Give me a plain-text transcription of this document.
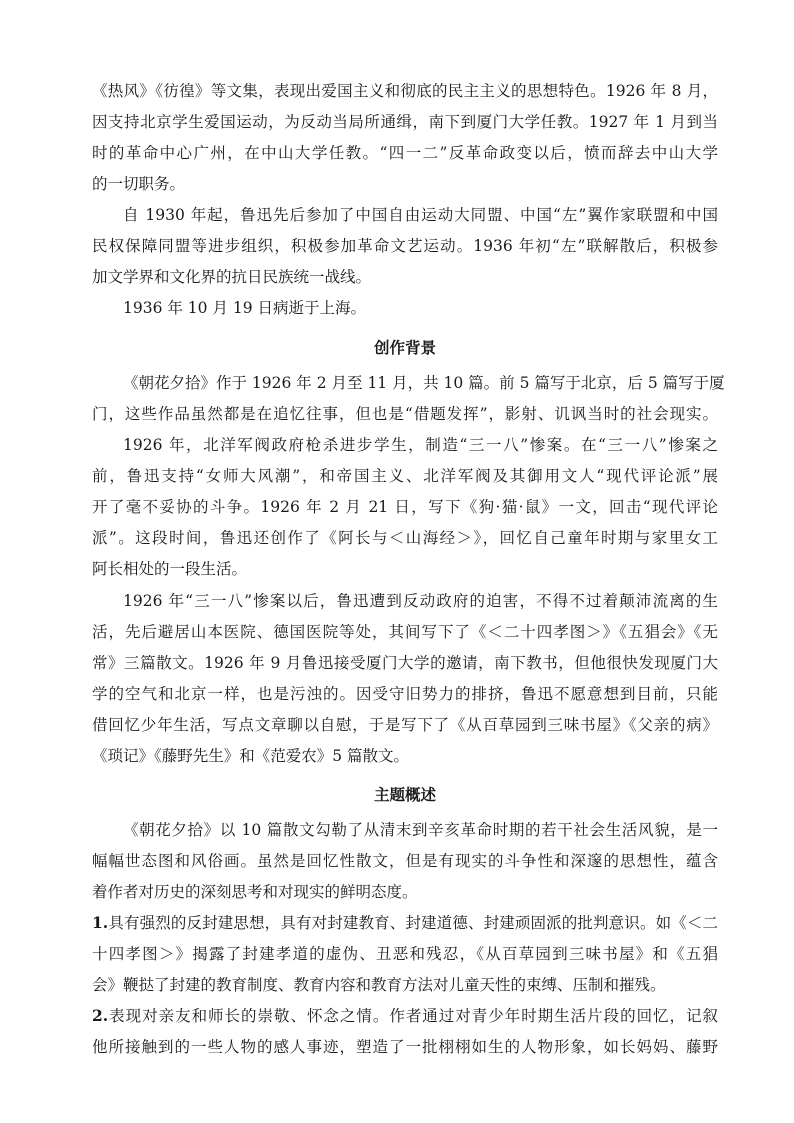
《热风》《彷徨》等文集，表现出爱国主义和彻底的民主主义的思想特色。1926 年 8 月，
因支持北京学生爱国运动，为反动当局所通缉，南下到厦门大学任教。1927 年 1 月到当
时的革命中心广州，在中山大学任教。“四一二”反革命政变以后，愤而辞去中山大学
的一切职务。
自 1930 年起，鲁迅先后参加了中国自由运动大同盟、中国“左”翼作家联盟和中国
民权保障同盟等进步组织，积极参加革命文艺运动。1936 年初“左”联解散后，积极参
加文学界和文化界的抗日民族统一战线。
1936 年 10 月 19 日病逝于上海。
创作背景
《朝花夕拾》作于 1926 年 2 月至 11 月，共 10 篇。前 5 篇写于北京，后 5 篇写于厦
门，这些作品虽然都是在追忆往事，但也是“借题发挥”，影射、讥讽当时的社会现实。
1926 年，北洋军阀政府枪杀进步学生，制造“三一八”惨案。在“三一八”惨案之
前，鲁迅支持“女师大风潮”，和帝国主义、北洋军阀及其御用文人“现代评论派”展
开了毫不妥协的斗争。1926 年 2 月 21 日，写下《狗·猫·鼠》一文，回击“现代评论
派”。这段时间，鲁迅还创作了《阿长与＜山海经＞》，回忆自己童年时期与家里女工
阿长相处的一段生活。
1926 年“三一八”惨案以后，鲁迅遭到反动政府的迫害，不得不过着颠沛流离的生
活，先后避居山本医院、德国医院等处，其间写下了《＜二十四孝图＞》《五猖会》《无
常》三篇散文。1926 年 9 月鲁迅接受厦门大学的邀请，南下教书，但他很快发现厦门大
学的空气和北京一样，也是污浊的。因受守旧势力的排挤，鲁迅不愿意想到目前，只能
借回忆少年生活，写点文章聊以自慰，于是写下了《从百草园到三味书屋》《父亲的病》
《琐记》《藤野先生》和《范爱农》5 篇散文。
主题概述
《朝花夕拾》以 10 篇散文勾勒了从清末到辛亥革命时期的若干社会生活风貌，是一
幅幅世态图和风俗画。虽然是回忆性散文，但是有现实的斗争性和深邃的思想性，蕴含
着作者对历史的深刻思考和对现实的鲜明态度。
1.具有强烈的反封建思想，具有对封建教育、封建道德、封建顽固派的批判意识。如《＜二
十四孝图＞》揭露了封建孝道的虚伪、丑恶和残忍，《从百草园到三味书屋》和《五猖
会》鞭挞了封建的教育制度、教育内容和教育方法对儿童天性的束缚、压制和摧残。
2.表现对亲友和师长的崇敬、怀念之情。作者通过对青少年时期生活片段的回忆，记叙
他所接触到的一些人物的感人事迹，塑造了一批栩栩如生的人物形象，如长妈妈、藤野
